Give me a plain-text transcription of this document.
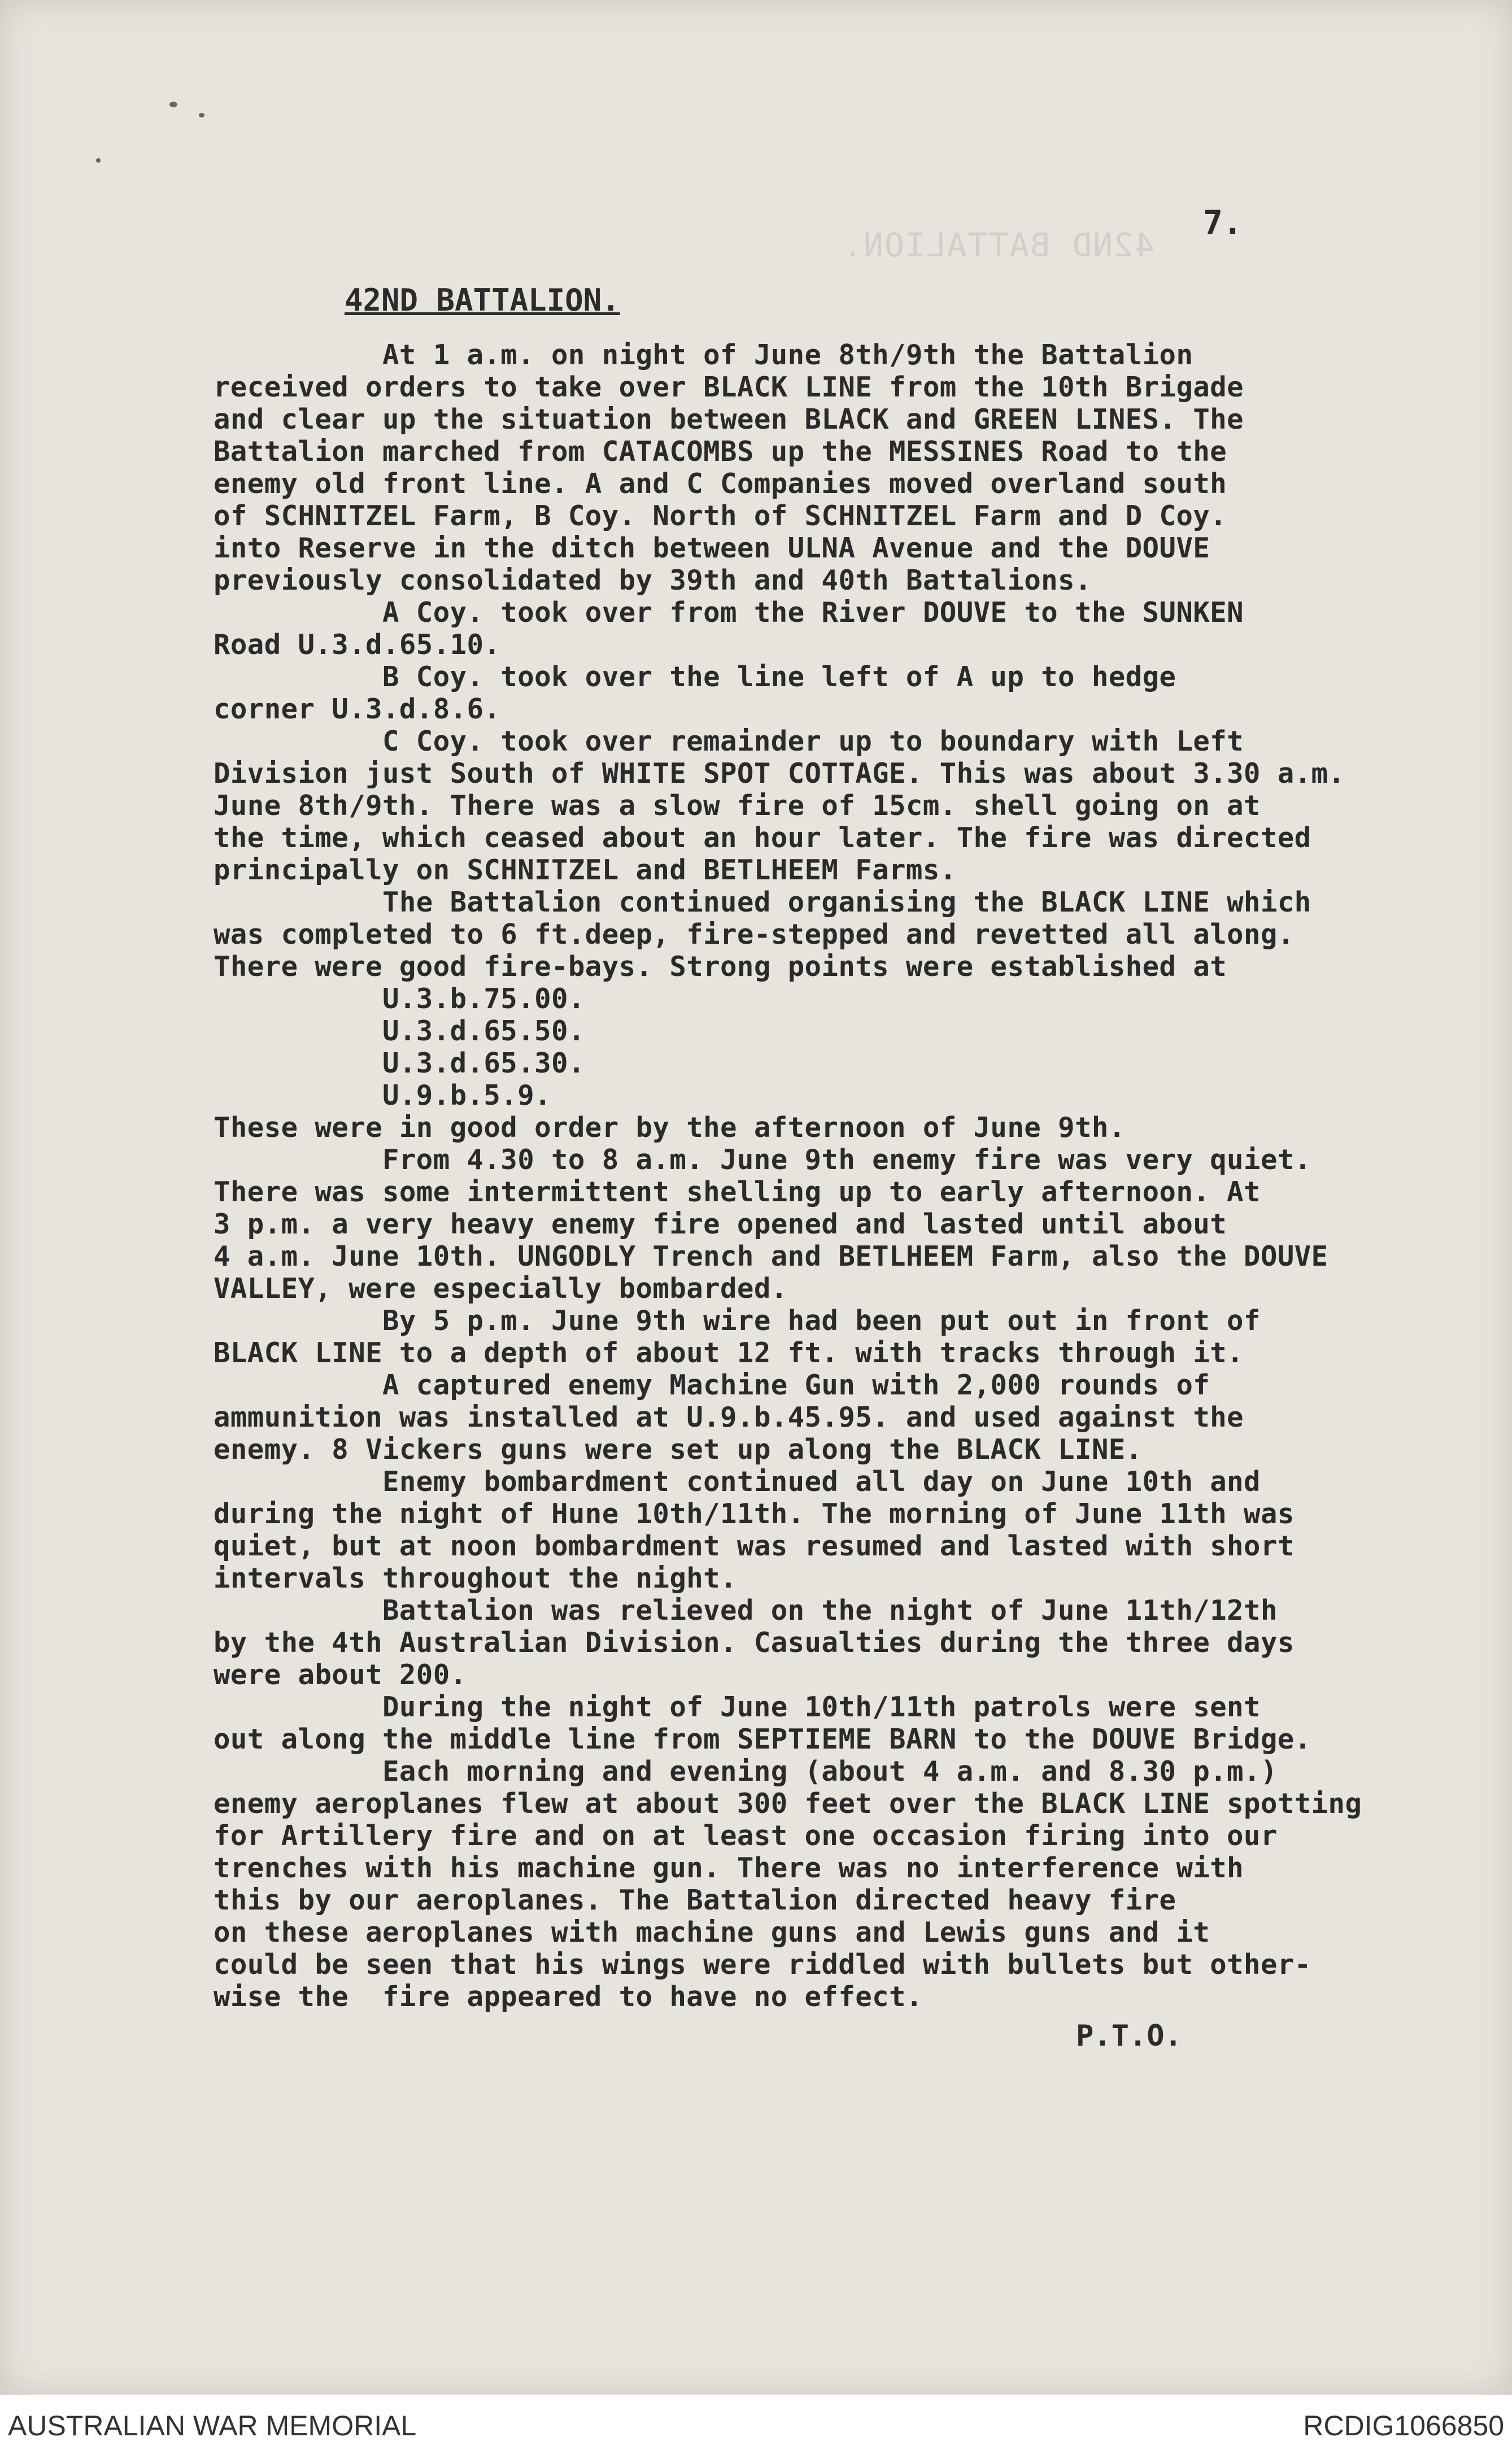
42ND BATTALION.
7.
42ND BATTALION.
At 1 a.m. on night of June 8th/9th the Battalion
received orders to take over BLACK LINE from the 10th Brigade
and clear up the situation between BLACK and GREEN LINES. The
Battalion marched from CATACOMBS up the MESSINES Road to the
enemy old front line. A and C Companies moved overland south
of SCHNITZEL Farm, B Coy. North of SCHNITZEL Farm and D Coy.
into Reserve in the ditch between ULNA Avenue and the DOUVE
previously consolidated by 39th and 40th Battalions.
A Coy. took over from the River DOUVE to the SUNKEN
Road U.3.d.65.10.
B Coy. took over the line left of A up to hedge
corner U.3.d.8.6.
C Coy. took over remainder up to boundary with Left
Division just South of WHITE SPOT COTTAGE. This was about 3.30 a.m.
June 8th/9th. There was a slow fire of 15cm. shell going on at
the time, which ceased about an hour later. The fire was directed
principally on SCHNITZEL and BETLHEEM Farms.
The Battalion continued organising the BLACK LINE which
was completed to 6 ft.deep, fire-stepped and revetted all along.
There were good fire-bays. Strong points were established at
U.3.b.75.00.
U.3.d.65.50.
U.3.d.65.30.
U.9.b.5.9.
These were in good order by the afternoon of June 9th.
From 4.30 to 8 a.m. June 9th enemy fire was very quiet.
There was some intermittent shelling up to early afternoon. At
3 p.m. a very heavy enemy fire opened and lasted until about
4 a.m. June 10th. UNGODLY Trench and BETLHEEM Farm, also the DOUVE
VALLEY, were especially bombarded.
By 5 p.m. June 9th wire had been put out in front of
BLACK LINE to a depth of about 12 ft. with tracks through it.
A captured enemy Machine Gun with 2,000 rounds of
ammunition was installed at U.9.b.45.95. and used against the
enemy. 8 Vickers guns were set up along the BLACK LINE.
Enemy bombardment continued all day on June 10th and
during the night of Hune 10th/11th. The morning of June 11th was
quiet, but at noon bombardment was resumed and lasted with short
intervals throughout the night.
Battalion was relieved on the night of June 11th/12th
by the 4th Australian Division. Casualties during the three days
were about 200.
During the night of June 10th/11th patrols were sent
out along the middle line from SEPTIEME BARN to the DOUVE Bridge.
Each morning and evening (about 4 a.m. and 8.30 p.m.)
enemy aeroplanes flew at about 300 feet over the BLACK LINE spotting
for Artillery fire and on at least one occasion firing into our
trenches with his machine gun. There was no interference with
this by our aeroplanes. The Battalion directed heavy fire
on these aeroplanes with machine guns and Lewis guns and it
could be seen that his wings were riddled with bullets but other-
wise the  fire appeared to have no effect.
P.T.O.
AUSTRALIAN WAR MEMORIAL	RCDIG1066850
